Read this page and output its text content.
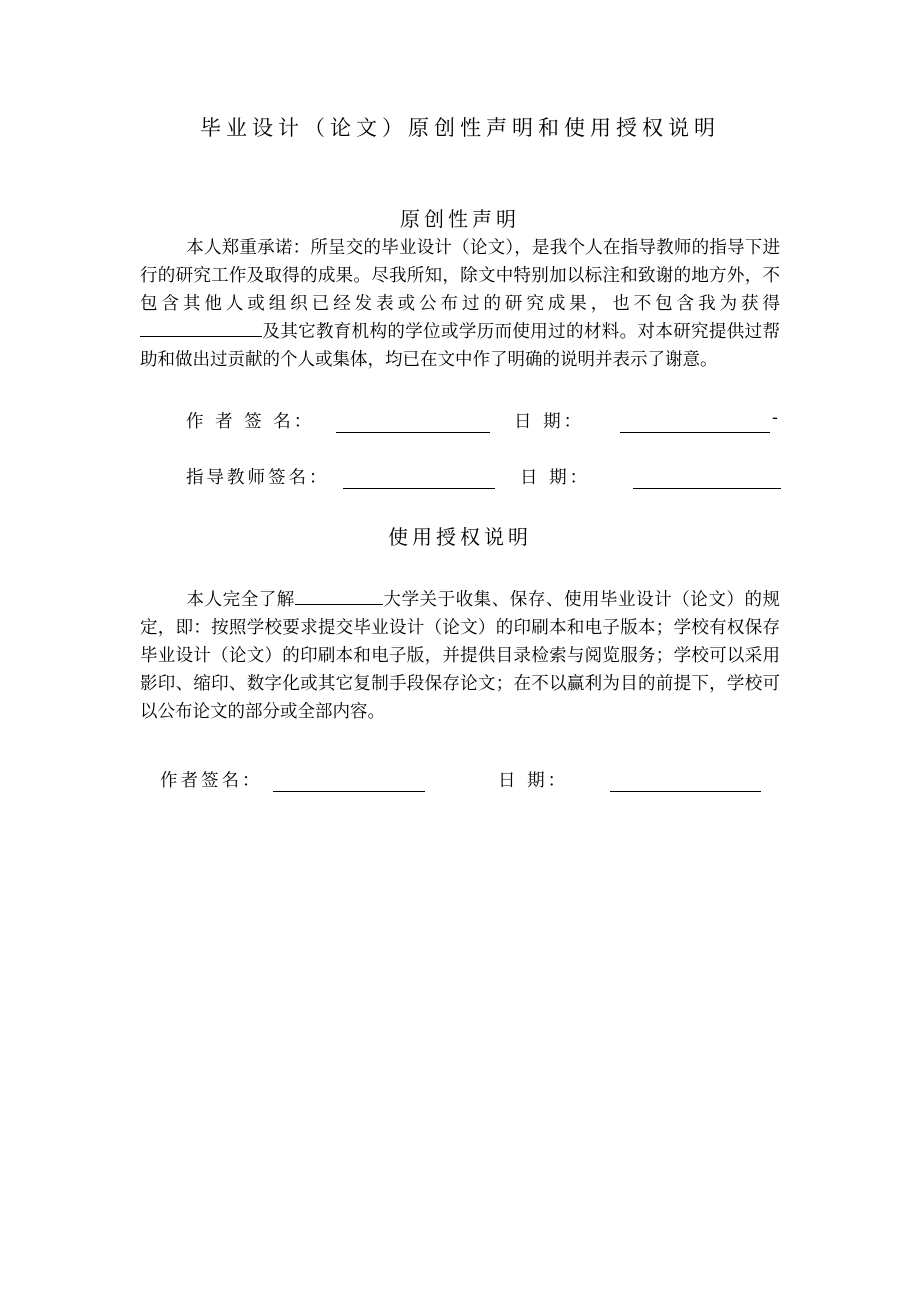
毕业设计（论文）原创性声明和使用授权说明
原创性声明
本人郑重承诺：所呈交的毕业设计（论文），是我个人在指导教师的指导下进行的研究工作及取得的成果。尽我所知，除文中特别加以标注和致谢的地方外，不包含其他人或组织已经发表或公布过的研究成果，也不包含我为获得及其它教育机构的学位或学历而使用过的材料。对本研究提供过帮助和做出过贡献的个人或集体，均已在文中作了明确的说明并表示了谢意。
作 者 签 名：	日 期：	-
指导教师签名：	日 期：
使用授权说明
本人完全了解	大学关于收集、保存、使用毕业设计（论文）的规定，即：按照学校要求提交毕业设计（论文）的印刷本和电子版本；学校有权保存毕业设计（论文）的印刷本和电子版，并提供目录检索与阅览服务；学校可以采用影印、缩印、数字化或其它复制手段保存论文；在不以赢利为目的前提下，学校可以公布论文的部分或全部内容。
作者签名：	日 期：
